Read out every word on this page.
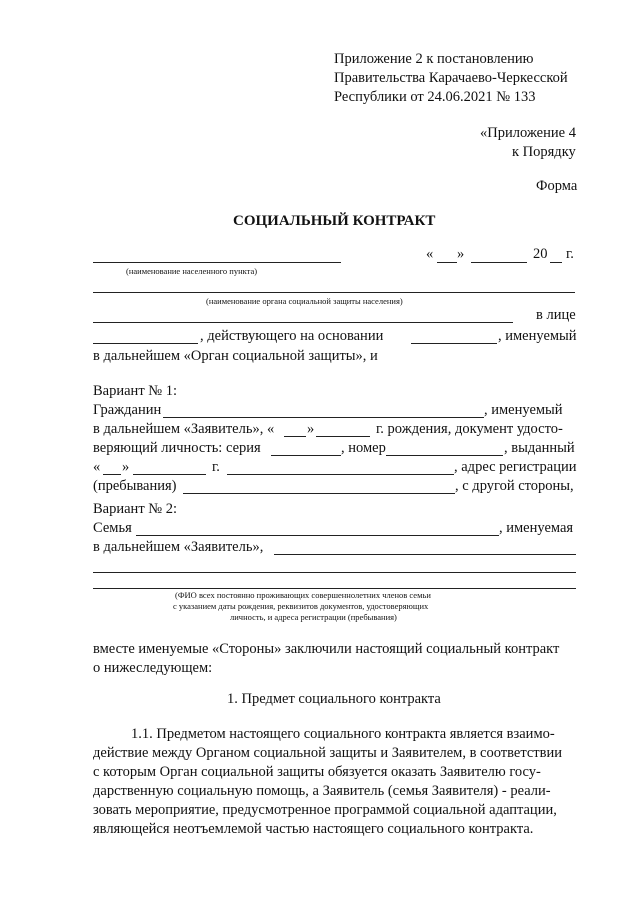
Приложение 2 к постановлению
Правительства Карачаево-Черкесской
Республики от 24.06.2021 № 133
«Приложение 4
к Порядку
Форма
СОЦИАЛЬНЫЙ КОНТРАКТ
« »	20 г.
(наименование населенного пункта)
(наименование органа социальной защиты населения)
в лице
, действующего на основании	, именуемый
в дальнейшем «Орган социальной защиты», и
Вариант № 1:
Гражданин	, именуемый
в дальнейшем «Заявитель», « »	г. рождения, документ удосто-
веряющий личность: серия	, номер	, выданный
« »	г.	, адрес регистрации
(пребывания)	, с другой стороны,
Вариант № 2:
Семья	, именуемая
в дальнейшем «Заявитель»,
(ФИО всех постоянно проживающих совершеннолетних членов семьи
с указанием даты рождения, реквизитов документов, удостоверяющих
личность, и адреса регистрации (пребывания)
вместе именуемые «Стороны» заключили настоящий социальный контракт
о нижеследующем:
1. Предмет социального контракта
1.1. Предметом настоящего социального контракта является взаимо-
действие между Органом социальной защиты и Заявителем, в соответствии
с которым Орган социальной защиты обязуется оказать Заявителю госу-
дарственную социальную помощь, а Заявитель (семья Заявителя) - реали-
зовать мероприятие, предусмотренное программой социальной адаптации,
являющейся неотъемлемой частью настоящего социального контракта.
